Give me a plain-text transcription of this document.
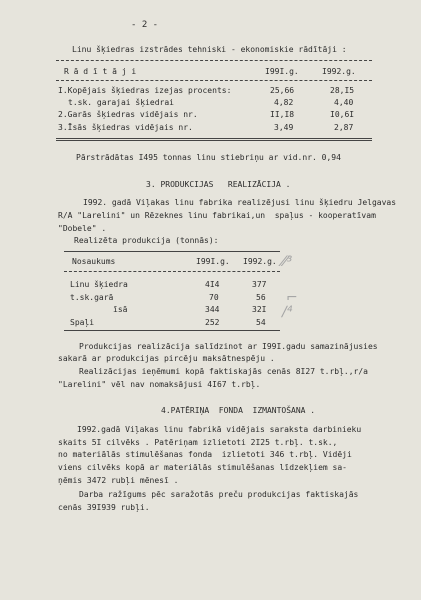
- 2 -
Linu šķiedras izstrādes tehniski - ekonomiskie rādītāji :
R ā d ī t ā j i	I99I.g.	I992.g.
I.Kopējais šķiedras izejas procents:	25,66	28,I5
t.sk. garajai šķiedrai	4,82	4,40
2.Garās šķiedras vidējais nr.	II,I8	I0,6I
3.Īsās šķiedras vidējais nr.	3,49	2,87
Pārstrādātas I495 tonnas linu stiebriņu ar vid.nr. 0,94
3. PRODUKCIJAS   REALIZĀCIJA .
I992. gadā Viļakas linu fabrika realizējusi linu šķiedru Jelgavas
R/A "Larelini" un Rēzeknes linu fabrikai,un  spaļus - kooperatīvam
"Dobele" .
Realizēta produkcija (tonnās):
Nosaukums	I99I.g. I992.g.
Linu šķiedra	4I4	377
t.sk.garā	70	56
īsā	344	32I
Spaļi	252	54
⁄⁄³
⌐
∕⁴
Produkcijas realizācija salīdzinot ar I99I.gadu samazinājusies
sakarā ar produkcijas pircēju maksātnespēju .
Realizācijas ieņēmumi kopā faktiskajās cenās 8I27 t.rbļ.,r/a
"Larelini" vēl nav nomaksājusi 4I67 t.rbļ.
4.PATĒRIŅA  FONDA  IZMANTOŠANA .
I992.gadā Viļakas linu fabrikā vidējais saraksta darbinieku
skaits 5I cilvēks . Patēriņam izlietoti 2I25 t.rbļ. t.sk.,
no materiālās stimulēšanas fonda  izlietoti 346 t.rbļ. Vidēji
viens cilvēks kopā ar materiālās stimulēšanas līdzekļiem sa-
ņēmis 3472 rubļi mēnesī .
Darba ražīgums pēc saražotās preču produkcijas faktiskajās
cenās 39I939 rubļi.
